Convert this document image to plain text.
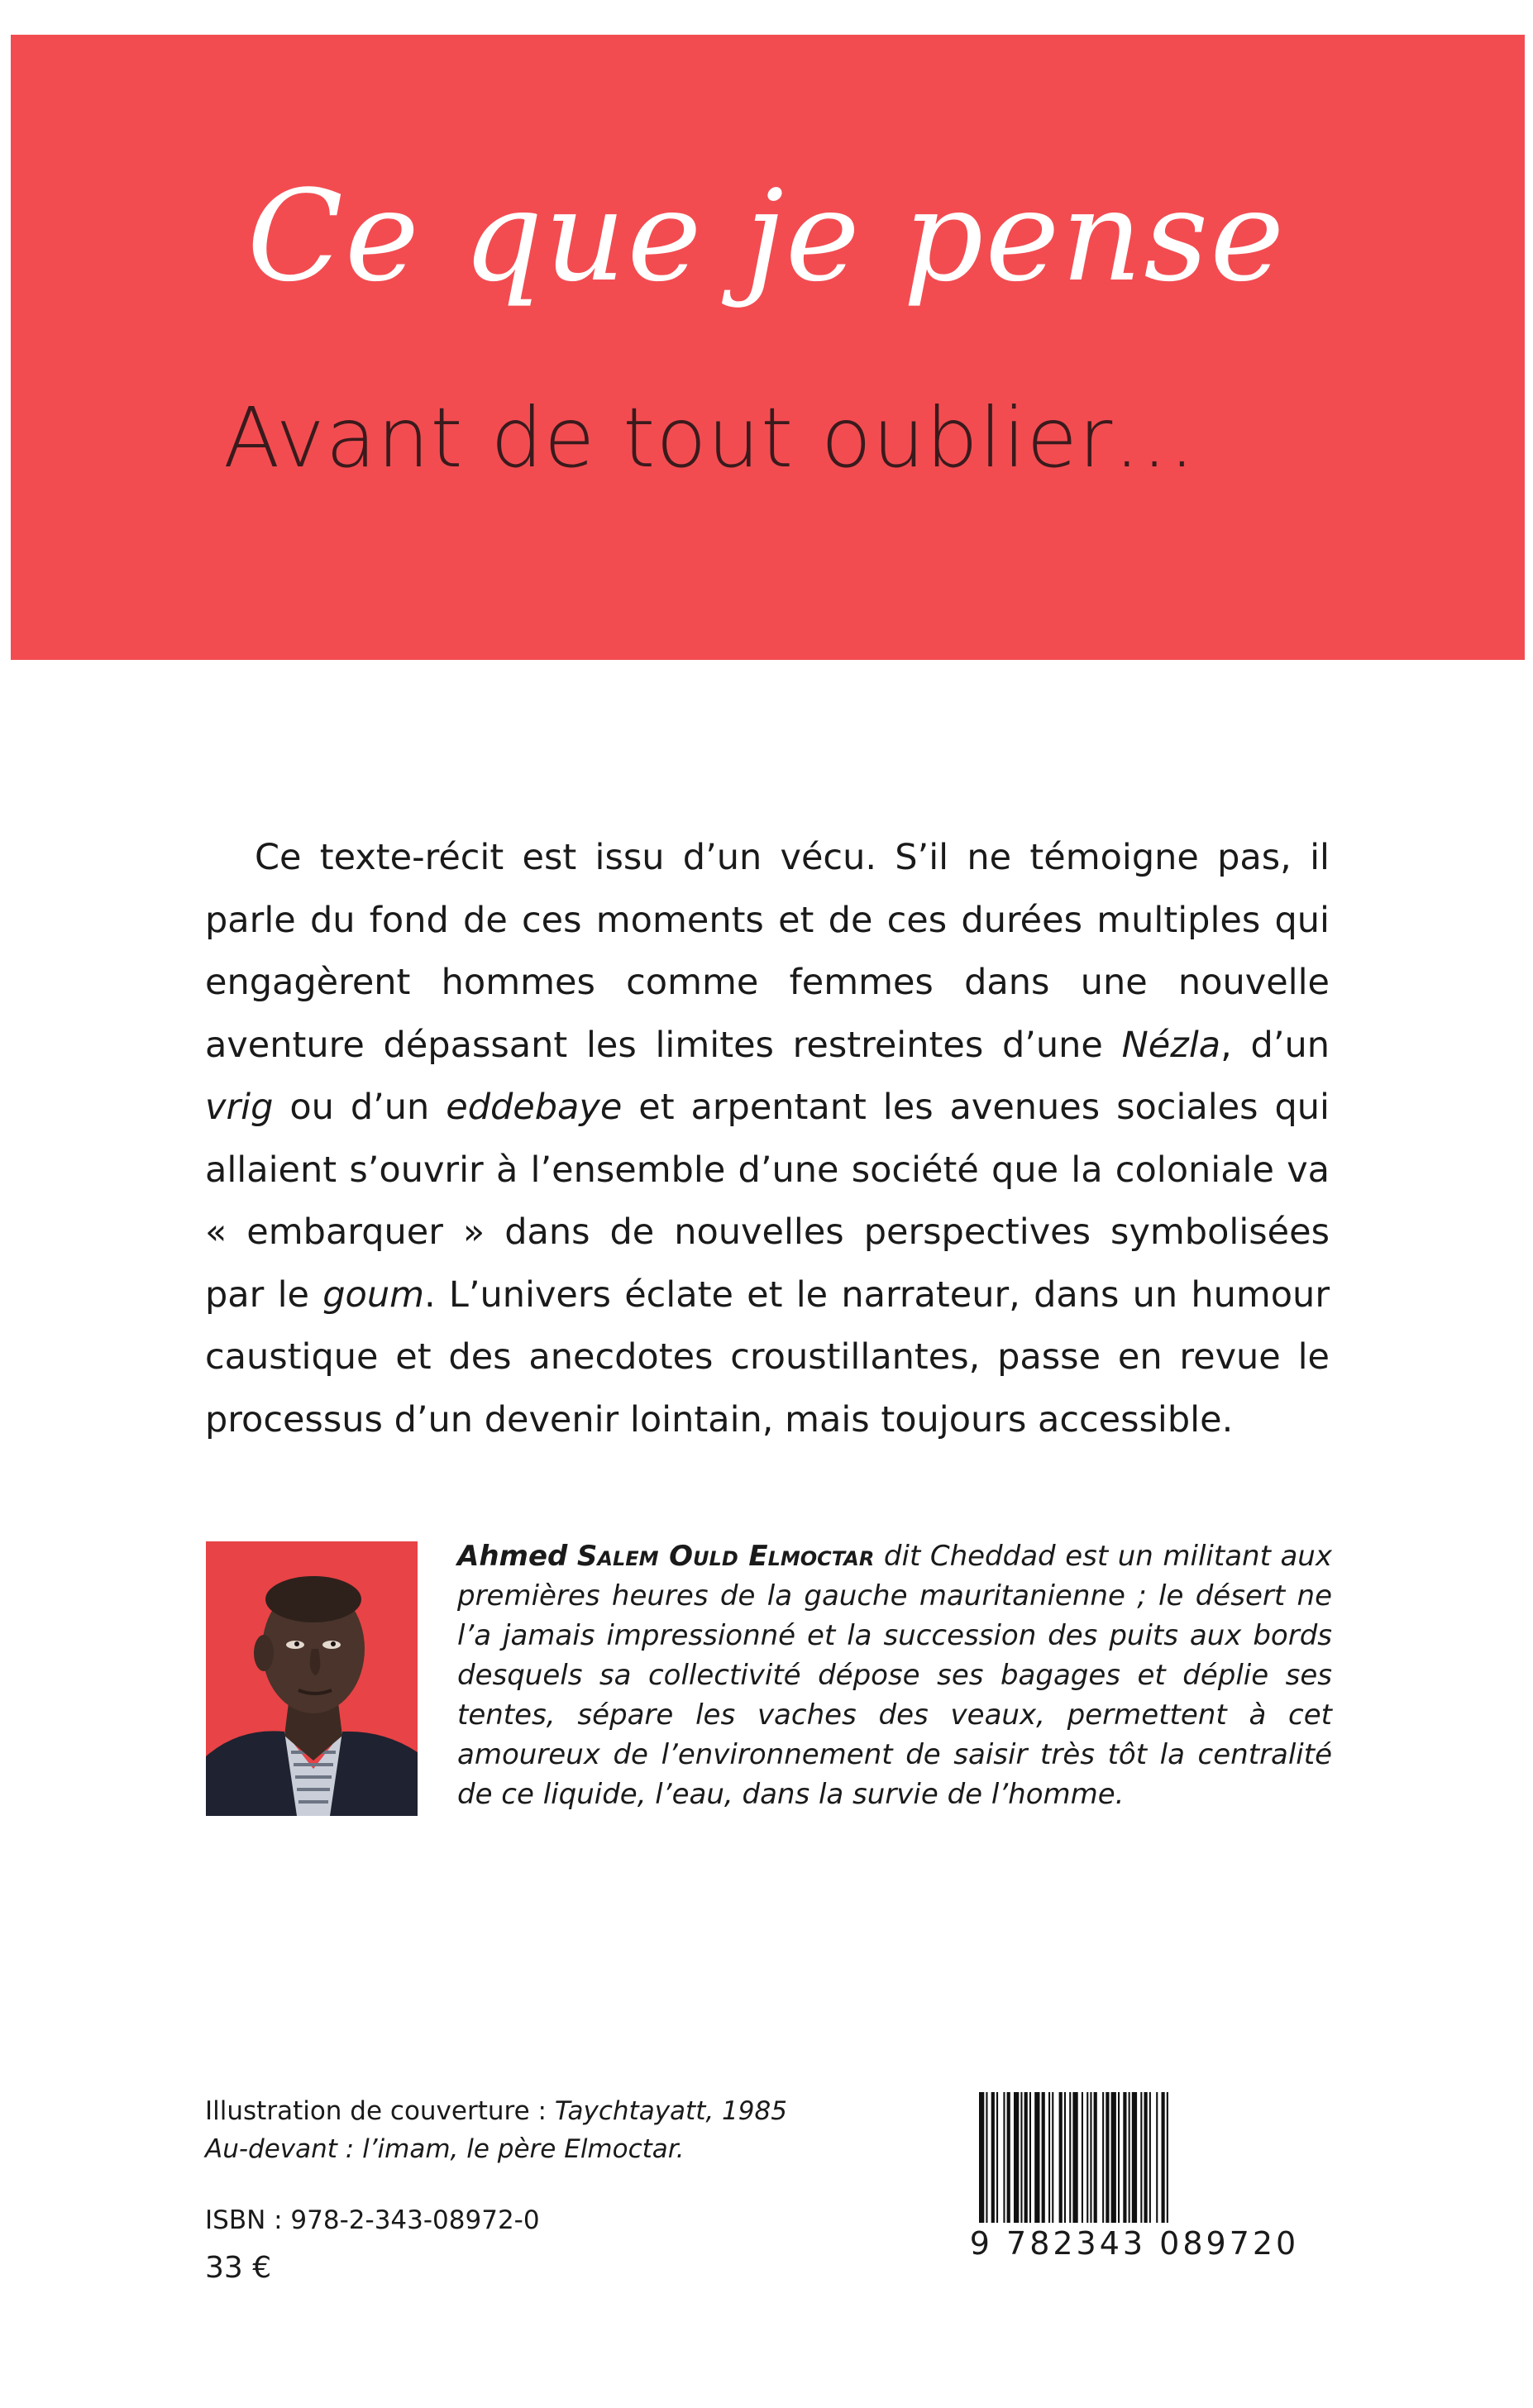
Ce que je pense
Avant de tout oublier…
Ce texte-récit est issu d’un vécu. S’il ne témoigne pas, il parle du fond de ces moments et de ces durées multiples qui engagèrent hommes comme femmes dans une nouvelle aventure dépassant les limites restreintes d’une Nézla, d’un vrig ou d’un eddebaye et arpentant les avenues sociales qui allaient s’ouvrir à l’ensemble d’une société que la coloniale va « embarquer » dans de nouvelles perspectives symbolisées par le goum. L’univers éclate et le narrateur, dans un humour caustique et des anecdotes croustillantes, passe en revue le processus d’un devenir lointain, mais toujours accessible.
Ahmed Salem Ould Elmoctar dit Cheddad est un militant aux premières heures de la gauche mauritanienne ; le désert ne l’a jamais impressionné et la succession des puits aux bords desquels sa collectivité dépose ses bagages et déplie ses tentes, sépare les vaches des veaux, permettent à cet amoureux de l’environnement de saisir très tôt la centralité de ce liquide, l’eau, dans la survie de l’homme.
Illustration de couverture : Taychtayatt, 1985
Au-devant : l’imam, le père Elmoctar.
ISBN : 978-2-343-08972-0
33 €
9 782343 089720
